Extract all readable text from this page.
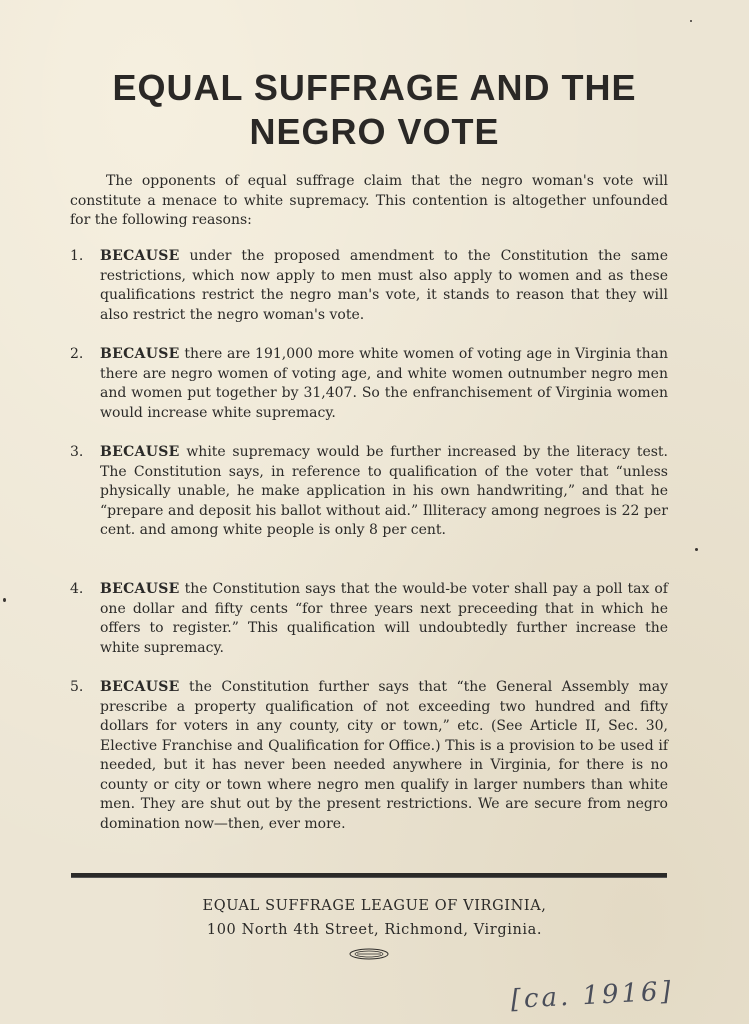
EQUAL SUFFRAGE AND THE
NEGRO VOTE

The opponents of equal suffrage claim that the negro woman's vote will constitute a menace to white supremacy. This contention is altogether unfounded for the following reasons:

1.	BECAUSE under the proposed amendment to the Constitution the same restrictions, which now apply to men must also apply to women and as these qualifications restrict the negro man's vote, it stands to reason that they will also restrict the negro woman's vote.
2.	BECAUSE there are 191,000 more white women of voting age in Virginia than there are negro women of voting age, and white women outnumber negro men and women put together by 31,407. So the enfranchisement of Virginia women would increase white supremacy.
3.	BECAUSE white supremacy would be further increased by the literacy test. The Constitution says, in reference to qualification of the voter that “unless physically unable, he make application in his own handwriting,” and that he “prepare and deposit his ballot without aid.” Illiteracy among negroes is 22 per cent. and among white people is only 8 per cent.
4.	BECAUSE the Constitution says that the would-be voter shall pay a poll tax of one dollar and fifty cents “for three years next preceeding that in which he offers to register.” This qualification will undoubtedly further increase the white supremacy.
5.	BECAUSE the Constitution further says that “the General Assembly may prescribe a property qualification of not exceeding two hundred and fifty dollars for voters in any county, city or town,” etc. (See Article II, Sec. 30, Elective Franchise and Qualification for Office.) This is a provision to be used if needed, but it has never been needed anywhere in Virginia, for there is no county or city or town where negro men qualify in larger numbers than white men. They are shut out by the present restrictions. We are secure from negro domination now—then, ever more.

EQUAL SUFFRAGE LEAGUE OF VIRGINIA,

100 North 4th Street, Richmond, Virginia.

[ca. 1916]
